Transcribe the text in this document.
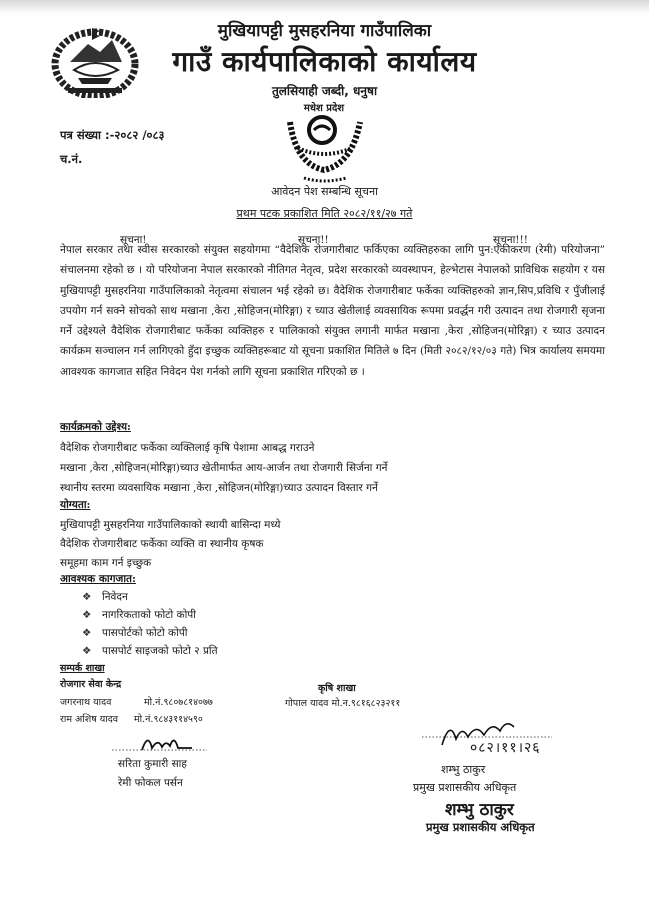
मुखियापट्टी मुसहरनिया गाउँपालिका
गाउँ कार्यपालिकाको कार्यालय
तुलसियाही जब्दी, धनुषा
मधेश प्रदेश
पत्र संख्या :-२०८२ /०८३
च.नं.
आवेदन पेश सम्बन्धि सूचना
प्रथम पटक प्रकाशित मिति २०८२/११/२७ गते
सूचना!	सूचना!!	सूचना!!!
नेपाल सरकार तथा स्वीस सरकारको संयुक्त सहयोगमा “वैदेशिक रोजगारीबाट फर्किएका व्यक्तिहरुका लागि पुन:एकीकरण (रेमी) परियोजना” संचालनमा रहेको छ । यो परियोजना नेपाल सरकारको नीतिगत नेतृत्व, प्रदेश सरकारको व्यवस्थापन, हेल्भेटास नेपालको प्राविधिक सहयोग र यस मुखियापट्टी मुसहरनिया गाउँपालिकाको नेतृत्वमा संचालन भई रहेको छ। वैदेशिक रोजगारीबाट फर्केका व्यक्तिहरुको ज्ञान,सिप,प्रविधि र पुँजीलाई उपयोग गर्न सक्ने सोचको साथ मखाना ,केरा ,सोहिजन(मोरिङ्गा) र च्याउ खेतीलाई व्यवसायिक रूपमा प्रवर्द्धन गरी उत्पादन तथा रोजगारी सृजना गर्ने उद्देश्यले वैदेशिक रोजगारीबाट फर्केका व्यक्तिहरु र पालिकाको संयुक्त लगानी मार्फत मखाना ,केरा ,सोहिजन(मोरिङ्गा) र च्याउ उत्पादन कार्यक्रम सञ्चालन गर्न लागिएको हुँदा इच्छुक व्यक्तिहरूबाट यो सूचना प्रकाशित मितिले ७ दिन (मिती २०८२/१२/०३ गते) भित्र कार्यालय समयमा आवश्यक कागजात सहित निवेदन पेश गर्नको लागि सूचना प्रकाशित गरिएको छ ।
कार्यक्रमको उद्देश्य:
वैदेशिक रोजगारीबाट फर्केका व्यक्तिलाई कृषि पेशामा आबद्ध गराउने
मखाना ,केरा ,सोहिजन(मोरिङ्गा)च्याउ खेतीमार्फत आय-आर्जन तथा रोजगारी सिर्जना गर्ने
स्थानीय स्तरमा व्यवसायिक मखाना ,केरा ,सोहिजन(मोरिङ्गा)च्याउ उत्पादन विस्तार गर्ने
योग्यता:
मुखियापट्टी मुसहरनिया गाउँपालिकाको स्थायी बासिन्दा मध्ये
वैदेशिक रोजगारीबाट फर्केका व्यक्ति वा स्थानीय कृषक
समूहमा काम गर्न इच्छुक
आवश्यक कागजात:
❖ निवेदन
❖ नागरिकताको फोटो कोपी
❖ पासपोर्टको फोटो कोपी
❖ पासपोर्ट साइजको फोटो २ प्रति
सम्पर्क शाखा
रोजगार सेवा केन्द्र
जगरनाथ यादव	मो.नं.९८०७८१४०७७
राम अशिष यादव मो.नं.९८४३११४५९०
कृषि शाखा
गोपाल यादव मो.न.९८१६८२३२११
सरिता कुमारी साह
रेमी फोकल पर्सन
०८२।११।२६
शम्भु ठाकुर
प्रमुख प्रशासकीय अधिकृत
शम्भु ठाकुर
प्रमुख प्रशासकीय अधिकृत
